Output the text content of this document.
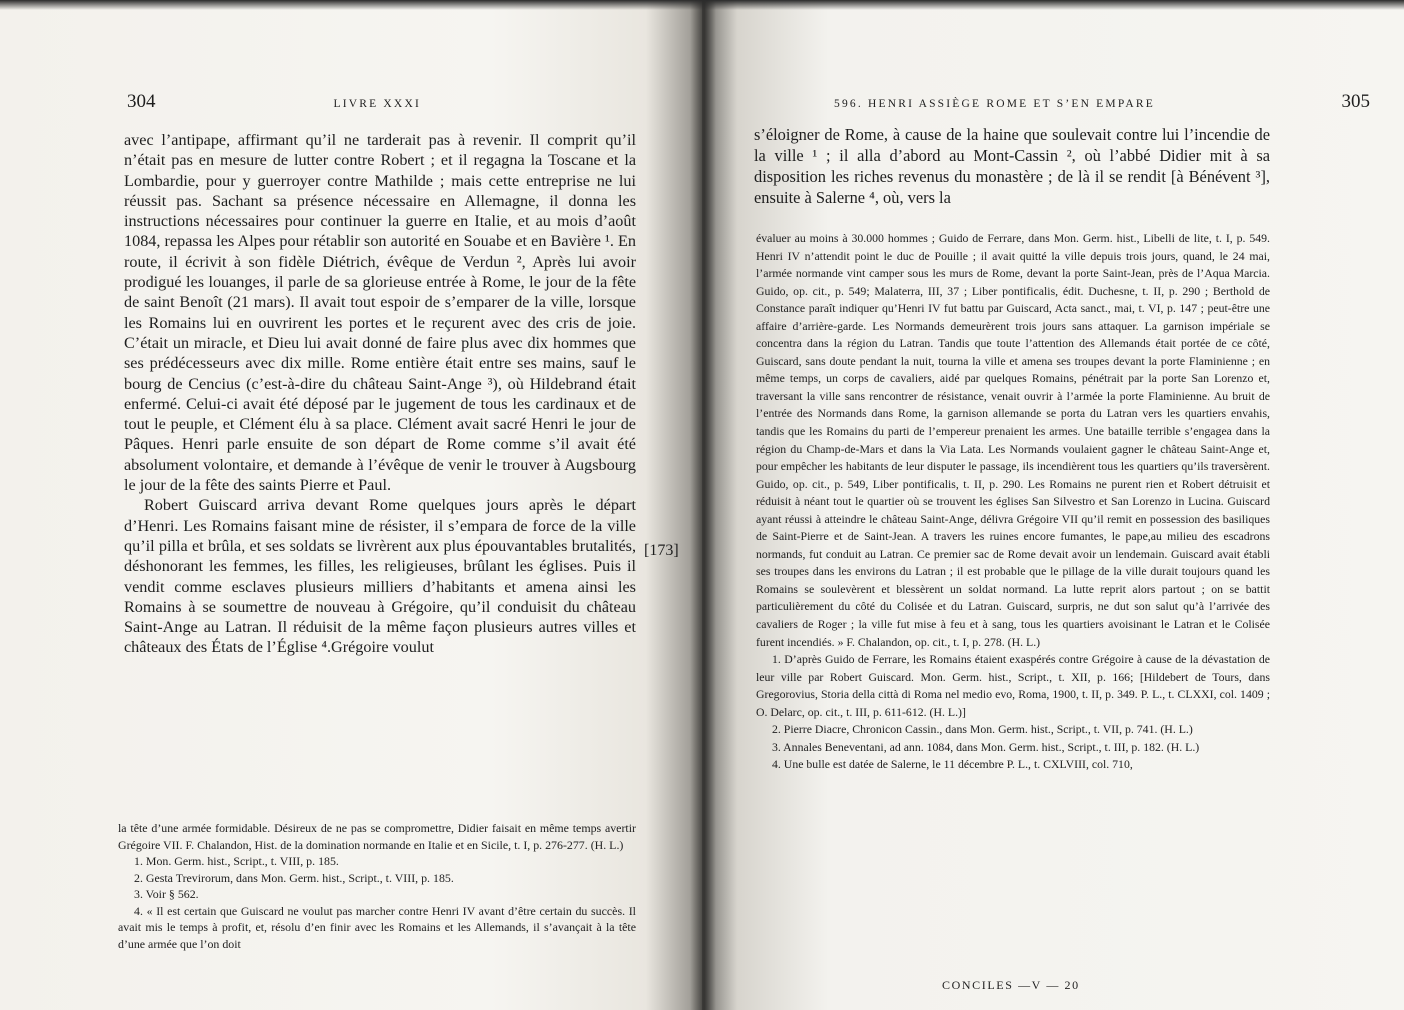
304	LIVRE XXXI

avec l’antipape, affirmant qu’il ne tarderait pas à revenir. Il comprit qu’il n’était pas en mesure de lutter contre Robert ; et il regagna la Toscane et la Lombardie, pour y guerroyer contre Mathilde ; mais cette entreprise ne lui réussit pas. Sachant sa présence nécessaire en Allemagne, il donna les instructions nécessaires pour continuer la guerre en Italie, et au mois d’août 1084, repassa les Alpes pour rétablir son autorité en Souabe et en Bavière ¹. En route, il écrivit à son fidèle Diétrich, évêque de Verdun ², Après lui avoir prodigué les louanges, il parle de sa glorieuse entrée à Rome, le jour de la fête de saint Benoît (21 mars). Il avait tout espoir de s’emparer de la ville, lorsque les Romains lui en ouvrirent les portes et le reçurent avec des cris de joie. C’était un miracle, et Dieu lui avait donné de faire plus avec dix hommes que ses prédécesseurs avec dix mille. Rome entière était entre ses mains, sauf le bourg de Cencius (c’est-à-dire du château Saint-Ange ³), où Hildebrand était enfermé. Celui-ci avait été déposé par le jugement de tous les cardinaux et de tout le peuple, et Clément élu à sa place. Clément avait sacré Henri le jour de Pâques. Henri parle ensuite de son départ de Rome comme s’il avait été absolument volontaire, et demande à l’évêque de venir le trouver à Augsbourg le jour de la fête des saints Pierre et Paul.

Robert Guiscard arriva devant Rome quelques jours après le départ d’Henri. Les Romains faisant mine de résister, il s’empara de force de la ville qu’il pilla et brûla, et ses soldats se livrèrent aux plus épouvantables brutalités, déshonorant les femmes, les filles, les religieuses, brûlant les églises. Puis il vendit comme esclaves plusieurs milliers d’habitants et amena ainsi les Romains à se soumettre de nouveau à Grégoire, qu’il conduisit du château Saint-Ange au Latran. Il réduisit de la même façon plusieurs autres villes et châteaux des États de l’Église ⁴.Grégoire voulut

la tête d’une armée formidable. Désireux de ne pas se compromettre, Didier faisait en même temps avertir Grégoire VII. F. Chalandon, Hist. de la domination normande en Italie et en Sicile, t. I, p. 276-277. (H. L.)

1. Mon. Germ. hist., Script., t. VIII, p. 185.

2. Gesta Trevirorum, dans Mon. Germ. hist., Script., t. VIII, p. 185.

3. Voir § 562.

4. « Il est certain que Guiscard ne voulut pas marcher contre Henri IV avant d’être certain du succès. Il avait mis le temps à profit, et, résolu d’en finir avec les Romains et les Allemands, il s’avançait à la tête d’une armée que l’on doit

[173]
596. HENRI ASSIÈGE ROME ET S’EN EMPARE	305

s’éloigner de Rome, à cause de la haine que soulevait contre lui l’incendie de la ville ¹ ; il alla d’abord au Mont-Cassin ², où l’abbé Didier mit à sa disposition les riches revenus du monastère ; de là il se rendit [à Bénévent ³], ensuite à Salerne ⁴, où, vers la

évaluer au moins à 30.000 hommes ; Guido de Ferrare, dans Mon. Germ. hist., Libelli de lite, t. I, p. 549. Henri IV n’attendit point le duc de Pouille ; il avait quitté la ville depuis trois jours, quand, le 24 mai, l’armée normande vint camper sous les murs de Rome, devant la porte Saint-Jean, près de l’Aqua Marcia. Guido, op. cit., p. 549; Malaterra, III, 37 ; Liber pontificalis, édit. Duchesne, t. II, p. 290 ; Berthold de Constance paraît indiquer qu’Henri IV fut battu par Guiscard, Acta sanct., mai, t. VI, p. 147 ; peut-être une affaire d’arrière-garde. Les Normands demeurèrent trois jours sans attaquer. La garnison impériale se concentra dans la région du Latran. Tandis que toute l’attention des Allemands était portée de ce côté, Guiscard, sans doute pendant la nuit, tourna la ville et amena ses troupes devant la porte Flaminienne ; en même temps, un corps de cavaliers, aidé par quelques Romains, pénétrait par la porte San Lorenzo et, traversant la ville sans rencontrer de résistance, venait ouvrir à l’armée la porte Flaminienne. Au bruit de l’entrée des Normands dans Rome, la garnison allemande se porta du Latran vers les quartiers envahis, tandis que les Romains du parti de l’empereur prenaient les armes. Une bataille terrible s’engagea dans la région du Champ-de-Mars et dans la Via Lata. Les Normands voulaient gagner le château Saint-Ange et, pour empêcher les habitants de leur disputer le passage, ils incendièrent tous les quartiers qu’ils traversèrent. Guido, op. cit., p. 549, Liber pontificalis, t. II, p. 290. Les Romains ne purent rien et Robert détruisit et réduisit à néant tout le quartier où se trouvent les églises San Silvestro et San Lorenzo in Lucina. Guiscard ayant réussi à atteindre le château Saint-Ange, délivra Grégoire VII qu’il remit en possession des basiliques de Saint-Pierre et de Saint-Jean. A travers les ruines encore fumantes, le pape,au milieu des escadrons normands, fut conduit au Latran. Ce premier sac de Rome devait avoir un lendemain. Guiscard avait établi ses troupes dans les environs du Latran ; il est probable que le pillage de la ville durait toujours quand les Romains se soulevèrent et blessèrent un soldat normand. La lutte reprit alors partout ; on se battit particulièrement du côté du Colisée et du Latran. Guiscard, surpris, ne dut son salut qu’à l’arrivée des cavaliers de Roger ; la ville fut mise à feu et à sang, tous les quartiers avoisinant le Latran et le Colisée furent incendiés. » F. Chalandon, op. cit., t. I, p. 278. (H. L.)

1. D’après Guido de Ferrare, les Romains étaient exaspérés contre Grégoire à cause de la dévastation de leur ville par Robert Guiscard. Mon. Germ. hist., Script., t. XII, p. 166; [Hildebert de Tours, dans Gregorovius, Storia della città di Roma nel medio evo, Roma, 1900, t. II, p. 349. P. L., t. CLXXI, col. 1409 ; O. Delarc, op. cit., t. III, p. 611-612. (H. L.)]

2. Pierre Diacre, Chronicon Cassin., dans Mon. Germ. hist., Script., t. VII, p. 741. (H. L.)

3. Annales Beneventani, ad ann. 1084, dans Mon. Germ. hist., Script., t. III, p. 182. (H. L.)

4. Une bulle est datée de Salerne, le 11 décembre P. L., t. CXLVIII, col. 710,

CONCILES —V — 20
